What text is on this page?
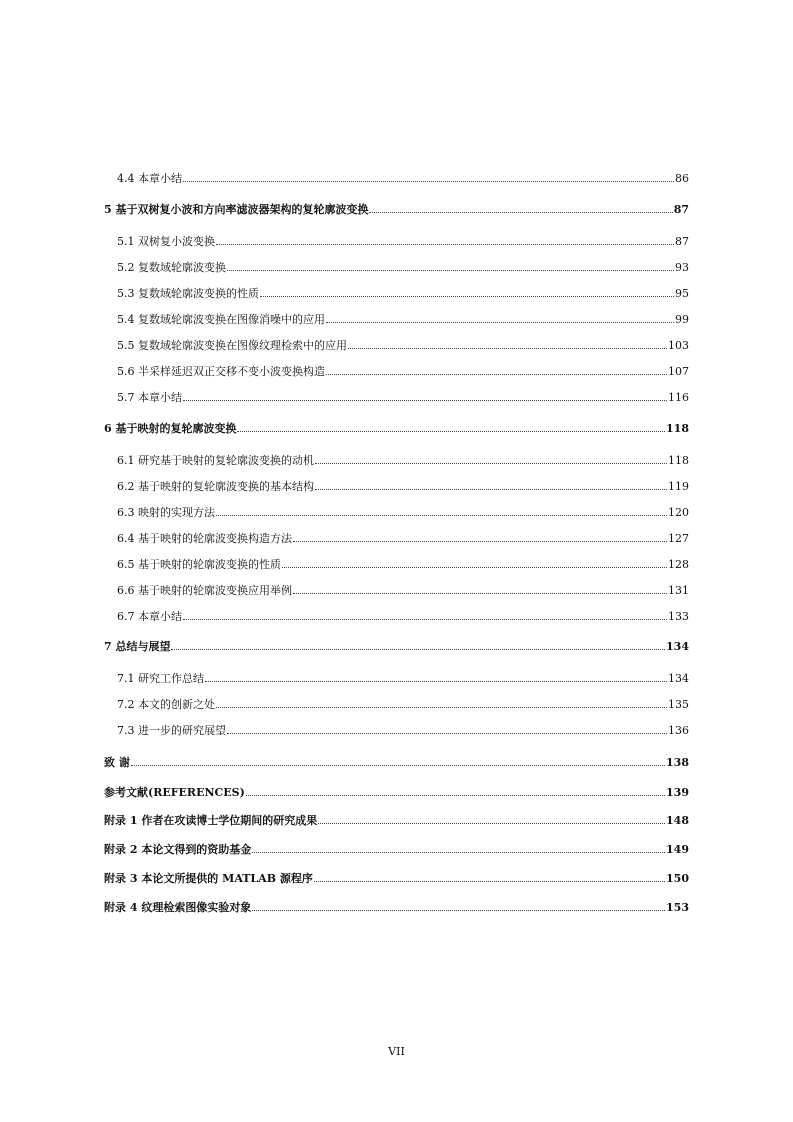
4.4 本章小结	86
5 基于双树复小波和方向率滤波器架构的复轮廓波变换	87
5.1 双树复小波变换	87
5.2 复数域轮廓波变换	93
5.3 复数域轮廓波变换的性质	95
5.4 复数域轮廓波变换在图像消噪中的应用	99
5.5 复数域轮廓波变换在图像纹理检索中的应用	103
5.6 半采样延迟双正交移不变小波变换构造	107
5.7 本章小结	116
6 基于映射的复轮廓波变换	118
6.1 研究基于映射的复轮廓波变换的动机	118
6.2 基于映射的复轮廓波变换的基本结构	119
6.3 映射的实现方法	120
6.4 基于映射的轮廓波变换构造方法	127
6.5 基于映射的轮廓波变换的性质	128
6.6 基于映射的轮廓波变换应用举例	131
6.7 本章小结	133
7 总结与展望	134
7.1 研究工作总结	134
7.2 本文的创新之处	135
7.3 进一步的研究展望	136
致 谢	138
参考文献(REFERENCES)	139
附录 1 作者在攻读博士学位期间的研究成果	148
附录 2 本论文得到的资助基金	149
附录 3 本论文所提供的 MATLAB 源程序	150
附录 4 纹理检索图像实验对象	153
VII
